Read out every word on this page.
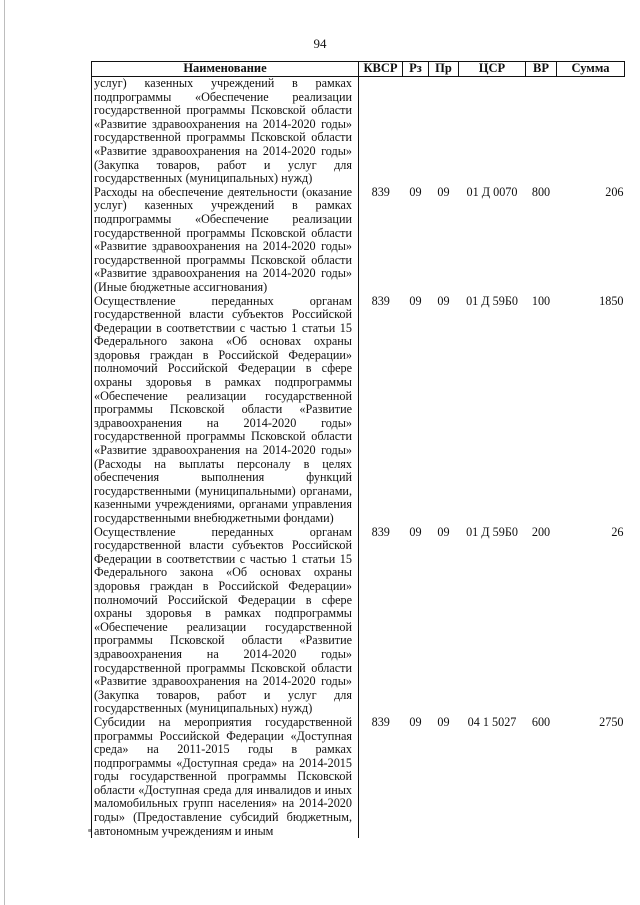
94
Наименование	КВСР	Рз	Пр	ЦСР	ВР	Сумма
услуг) казенных учреждений в рамках подпрограммы «Обеспечение реализации государственной программы Псковской области «Развитие здравоохранения на 2014-2020 годы» государственной программы Псковской области «Развитие здравоохранения на 2014-2020 годы» (Закупка товаров, работ и услуг для государственных (муниципальных) нужд)						
Расходы на обеспечение деятельности (оказание услуг) казенных учреждений в рамках подпрограммы «Обеспечение реализации государственной программы Псковской области «Развитие здравоохранения на 2014-2020 годы» государственной программы Псковской области «Развитие здравоохранения на 2014-2020 годы» (Иные бюджетные ассигнования)	839	09	09	01 Д 0070	800	206
Осуществление переданных органам государственной власти субъектов Российской Федерации в соответствии с частью 1 статьи 15 Федерального закона «Об основах охраны здоровья граждан в Российской Федерации» полномочий Российской Федерации в сфере охраны здоровья в рамках подпрограммы «Обеспечение реализации государственной программы Псковской области «Развитие здравоохранения на 2014-2020 годы» государственной программы Псковской области «Развитие здравоохранения на 2014-2020 годы» (Расходы на выплаты персоналу в целях обеспечения выполнения функций государственными (муниципальными) органами, казенными учреждениями, органами управления государственными внебюджетными фондами)	839	09	09	01 Д 59Б0	100	1850
Осуществление переданных органам государственной власти субъектов Российской Федерации в соответствии с частью 1 статьи 15 Федерального закона «Об основах охраны здоровья граждан в Российской Федерации» полномочий Российской Федерации в сфере охраны здоровья в рамках подпрограммы «Обеспечение реализации государственной программы Псковской области «Развитие здравоохранения на 2014-2020 годы» государственной программы Псковской области «Развитие здравоохранения на 2014-2020 годы» (Закупка товаров, работ и услуг для государственных (муниципальных) нужд)	839	09	09	01 Д 59Б0	200	26
Субсидии на мероприятия государственной программы Российской Федерации «Доступная среда» на 2011-2015 годы в рамках подпрограммы «Доступная среда» на 2014-2015 годы государственной программы Псковской области «Доступная среда для инвалидов и иных маломобильных групп населения» на 2014-2020 годы» (Предоставление субсидий бюджетным, автономным учреждениям и иным	839	09	09	04 1 5027	600	2750
